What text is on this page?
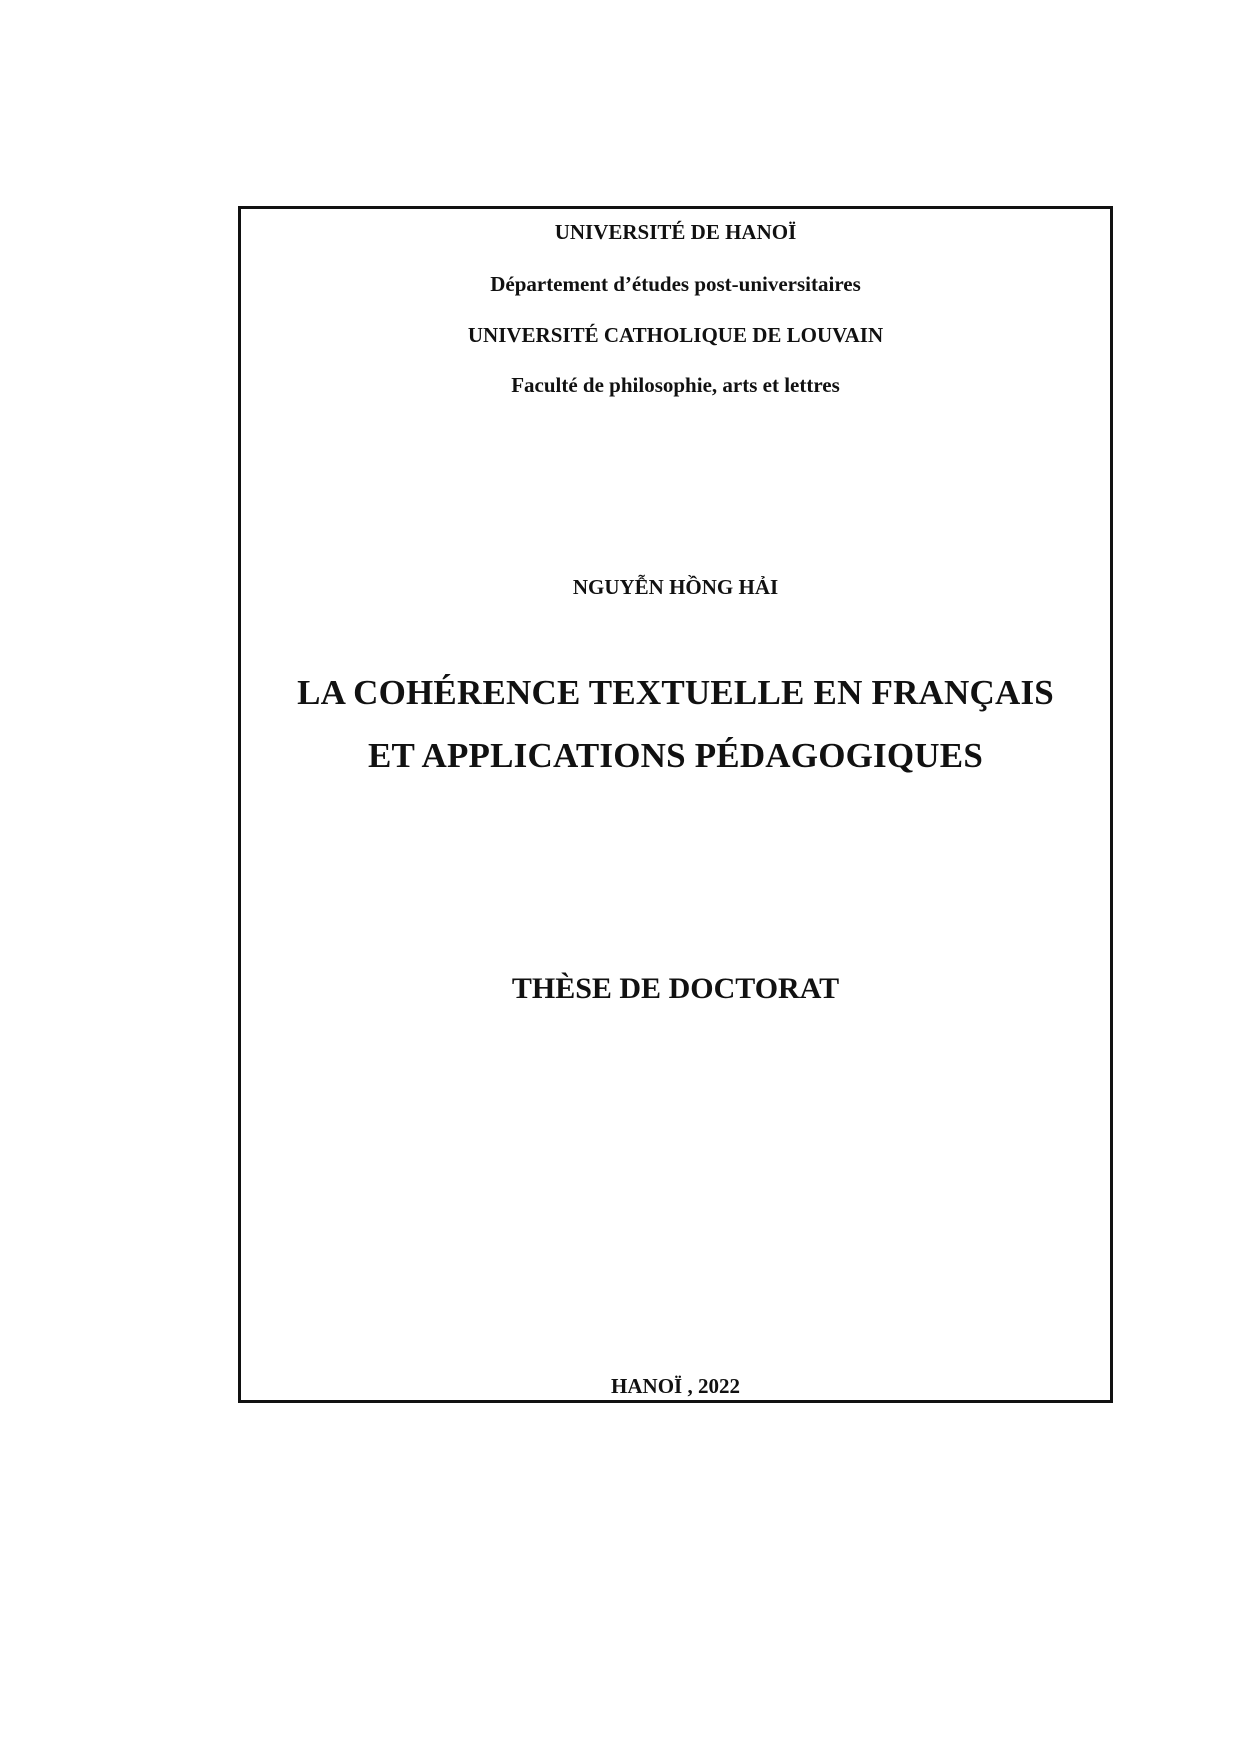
UNIVERSITÉ DE HANOÏ
Département d’études post-universitaires
UNIVERSITÉ CATHOLIQUE DE LOUVAIN
Faculté de philosophie, arts et lettres
NGUYỄN HỒNG HẢI
LA COHÉRENCE TEXTUELLE EN FRANÇAIS
ET APPLICATIONS PÉDAGOGIQUES
THÈSE DE DOCTORAT
HANOÏ , 2022
